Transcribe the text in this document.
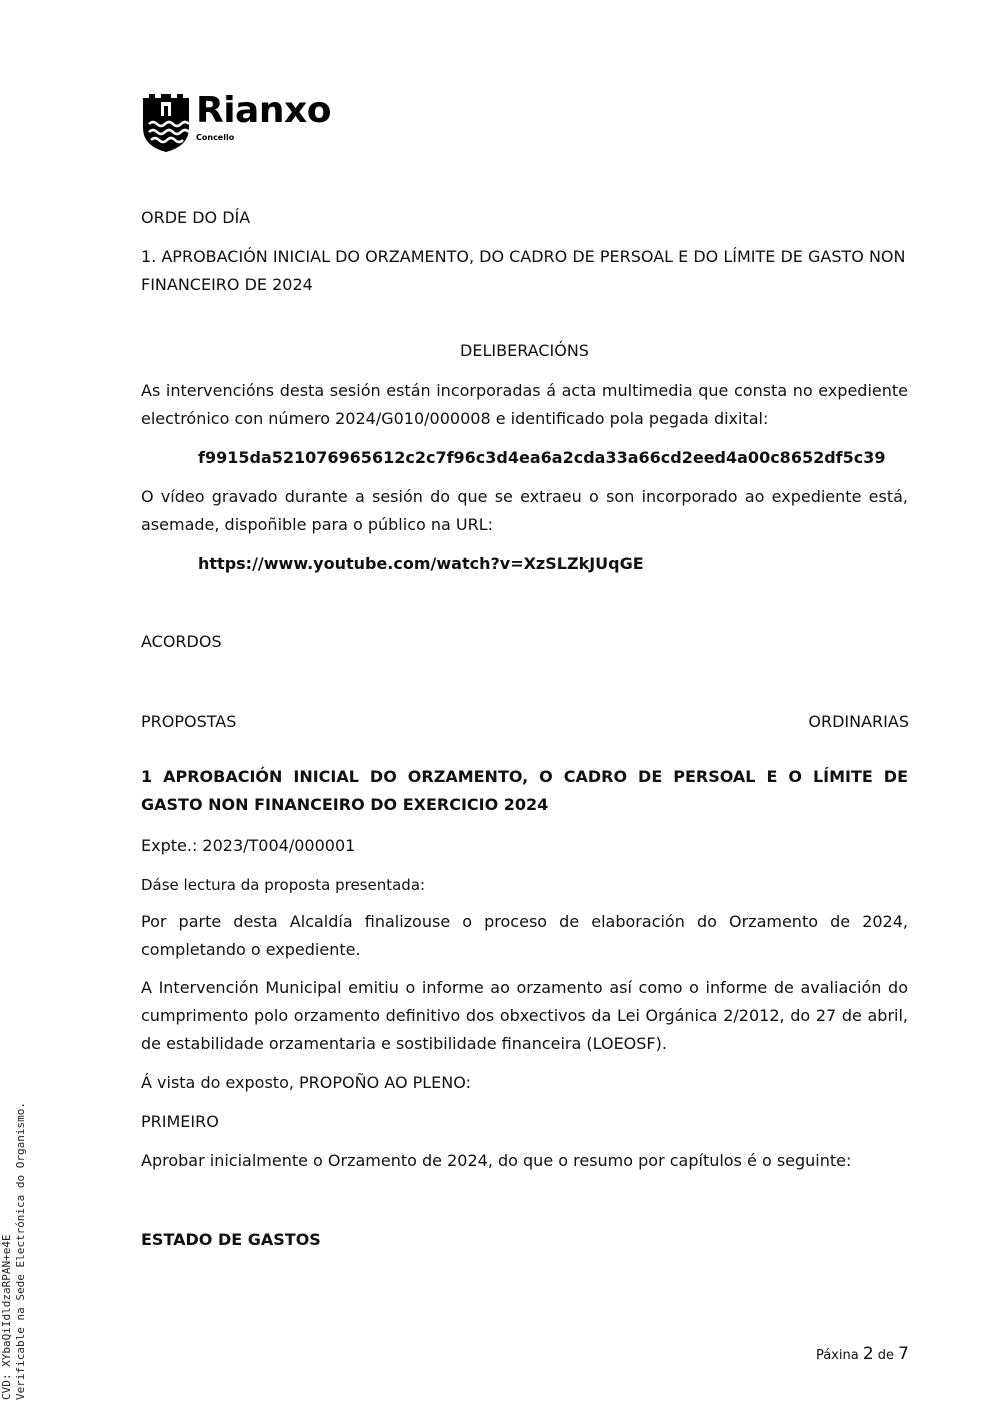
Rianxo
Concello

ORDE DO DÍA

1. APROBACIÓN INICIAL DO ORZAMENTO, DO CADRO DE PERSOAL E DO LÍMITE DE GASTO NON FINANCEIRO DE 2024

DELIBERACIÓNS

As intervencións desta sesión están incorporadas á acta multimedia que consta no expediente electrónico con número 2024/G010/000008 e identificado pola pegada dixital:

f9915da521076965612c2c7f96c3d4ea6a2cda33a66cd2eed4a00c8652df5c39

O vídeo gravado durante a sesión do que se extraeu o son incorporado ao expediente está, asemade, dispoñible para o público na URL:

https://www.youtube.com/watch?v=XzSLZkJUqGE

ACORDOS

PROPOSTAS	ORDINARIAS

1 APROBACIÓN INICIAL DO ORZAMENTO, O CADRO DE PERSOAL E O LÍMITE DE GASTO NON FINANCEIRO DO EXERCICIO 2024

Expte.: 2023/T004/000001

Dáse lectura da proposta presentada:

Por parte desta Alcaldía finalizouse o proceso de elaboración do Orzamento de 2024, completando o expediente.

A Intervención Municipal emitiu o informe ao orzamento así como o informe de avaliación do cumprimento polo orzamento definitivo dos obxectivos da Lei Orgánica 2/2012, do 27 de abril, de estabilidade orzamentaria e sostibilidade financeira (LOEOSF).

Á vista do exposto, PROPOÑO AO PLENO:

PRIMEIRO

Aprobar inicialmente o Orzamento de 2024, do que o resumo por capítulos é o seguinte:

ESTADO DE GASTOS

CVD: XYbaQiIdldzaRPAN+e4E Verificable na Sede Electrónica do Organismo.	Páxina 2 de 7
